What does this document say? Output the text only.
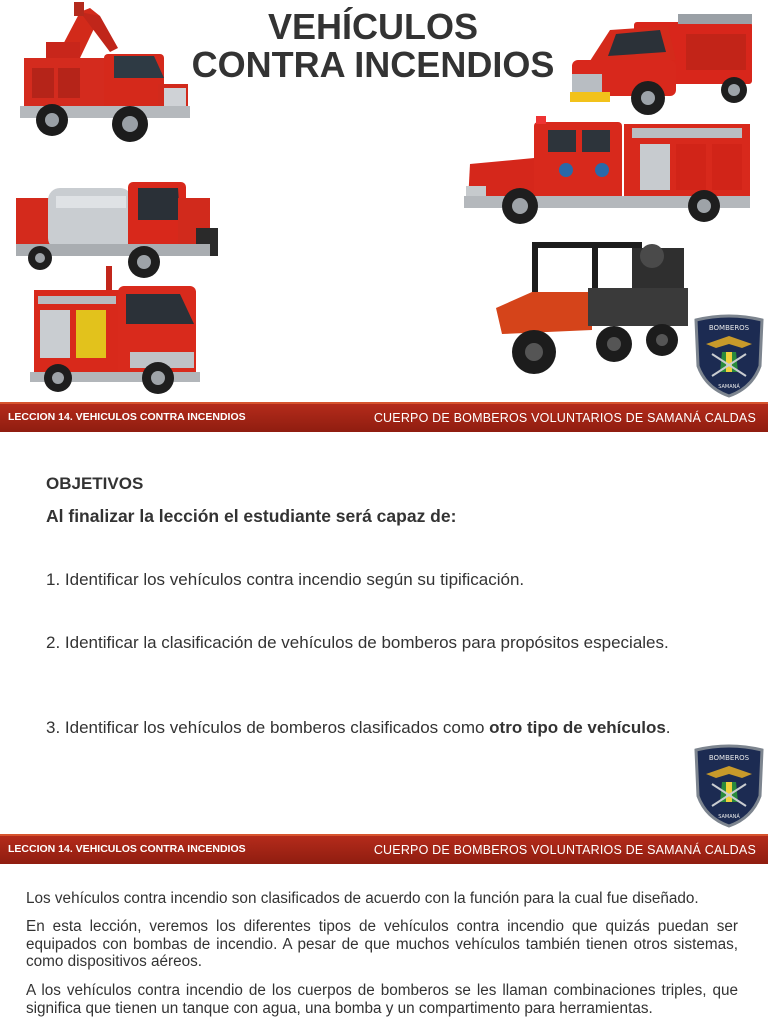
VEHÍCULOS
CONTRA INCENDIOS
BOMBEROS
SAMANÁ
LECCION 14. VEHICULOS CONTRA INCENDIOS	CUERPO DE BOMBEROS VOLUNTARIOS DE SAMANÁ CALDAS
OBJETIVOS
Al finalizar la lección el estudiante será capaz de:
1. Identificar los vehículos contra incendio según su tipificación.
2. Identificar la clasificación de vehículos de bomberos para propósitos especiales.
3. Identificar los vehículos de bomberos clasificados como otro tipo de vehículos.
BOMBEROS
SAMANÁ
LECCION 14. VEHICULOS CONTRA INCENDIOS	CUERPO DE BOMBEROS VOLUNTARIOS DE SAMANÁ CALDAS
Los vehículos contra incendio son clasificados de acuerdo con la función para la cual fue diseñado.
En esta lección, veremos los diferentes tipos de vehículos contra incendio que quizás puedan ser equipados con bombas de incendio. A pesar de que muchos vehículos también tienen otros sistemas, como dispositivos aéreos.
A los vehículos contra incendio de los cuerpos de bomberos se les llaman combinaciones triples, que significa que tienen un tanque con agua, una bomba y un compartimento para herramientas.
